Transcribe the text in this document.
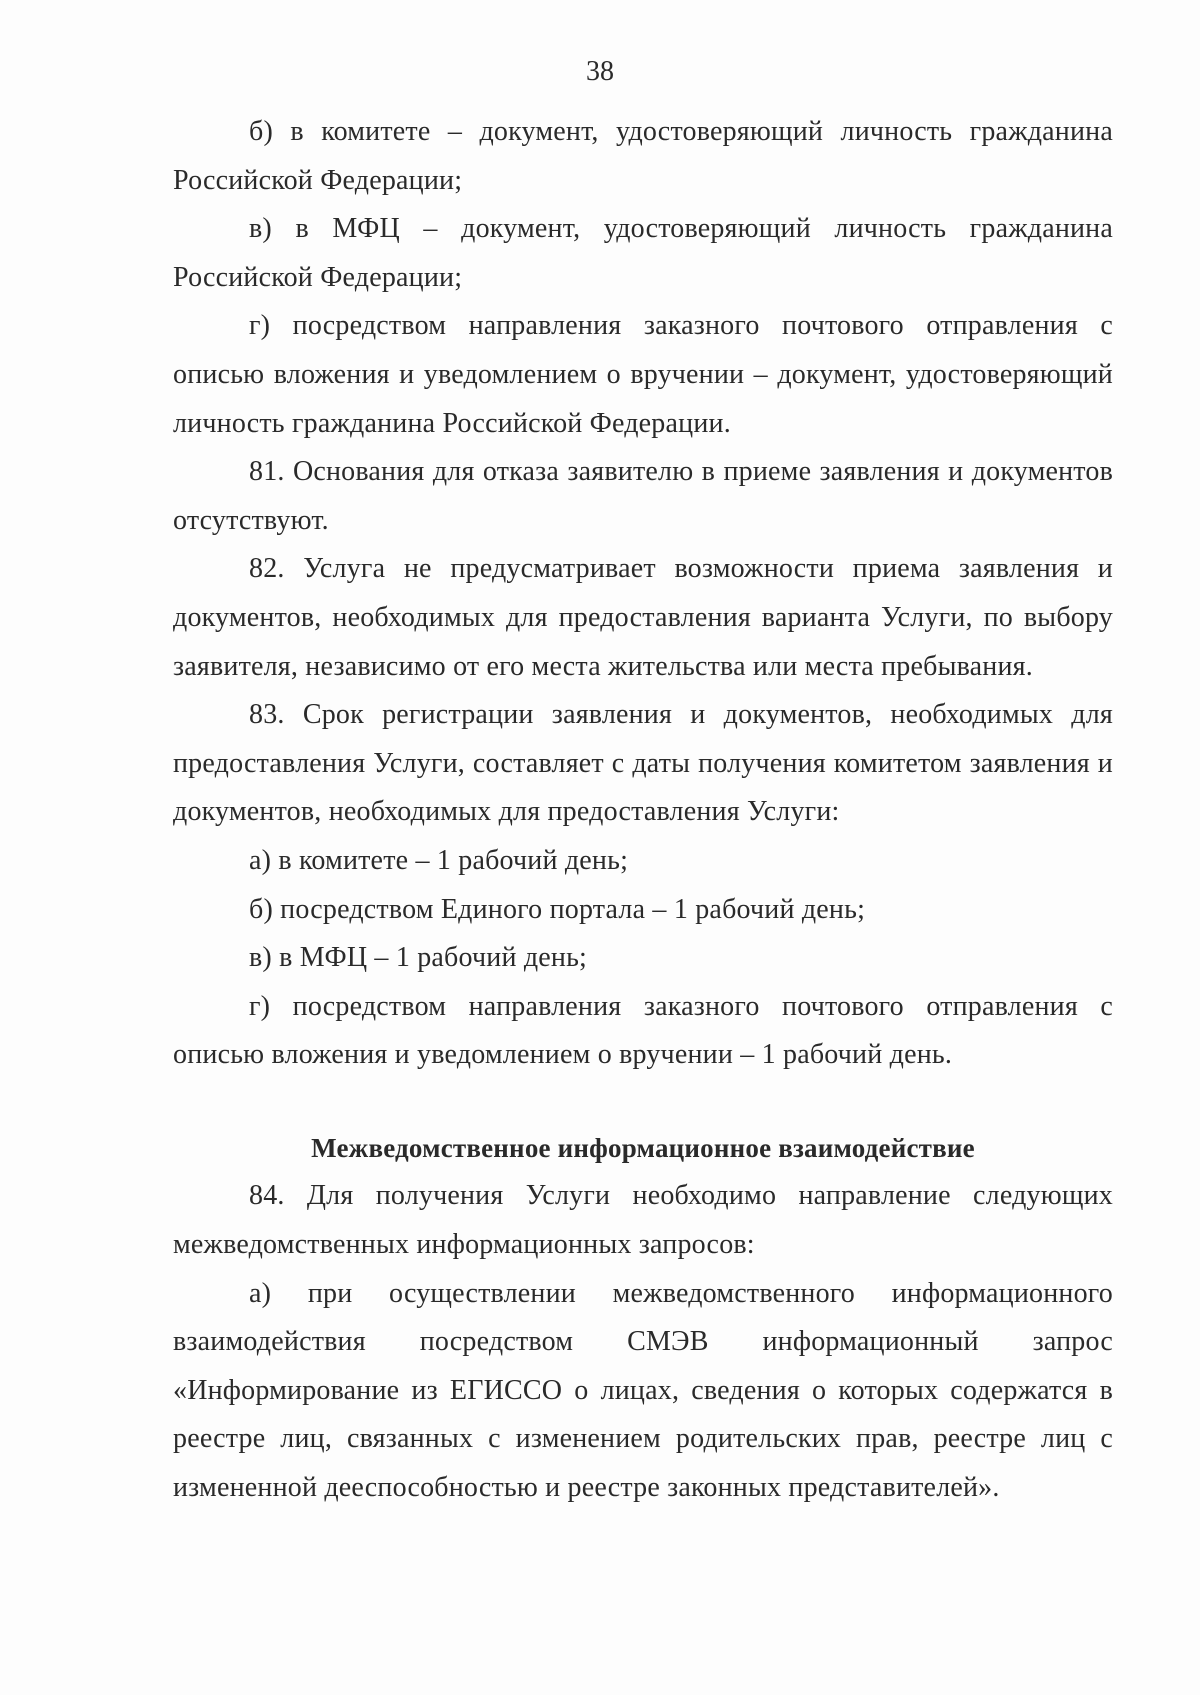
38

б) в комитете – документ, удостоверяющий личность гражданина Российской Федерации;

в) в МФЦ – документ, удостоверяющий личность гражданина Российской Федерации;

г) посредством направления заказного почтового отправления с описью вложения и уведомлением о вручении – документ, удостоверяющий личность гражданина Российской Федерации.

81. Основания для отказа заявителю в приеме заявления и документов отсутствуют.

82. Услуга не предусматривает возможности приема заявления и документов, необходимых для предоставления варианта Услуги, по выбору заявителя, независимо от его места жительства или места пребывания.

83. Срок регистрации заявления и документов, необходимых для предоставления Услуги, составляет с даты получения комитетом заявления и документов, необходимых для предоставления Услуги:

а) в комитете – 1 рабочий день;

б) посредством Единого портала – 1 рабочий день;

в) в МФЦ – 1 рабочий день;

г) посредством направления заказного почтового отправления с описью вложения и уведомлением о вручении – 1 рабочий день.

Межведомственное информационное взаимодействие

84. Для получения Услуги необходимо направление следующих межведомственных информационных запросов:

а) при осуществлении межведомственного информационного взаимодействия посредством СМЭВ информационный запрос «Информирование из ЕГИССО о лицах, сведения о которых содержатся в реестре лиц, связанных с изменением родительских прав, реестре лиц с измененной дееспособностью и реестре законных представителей».
